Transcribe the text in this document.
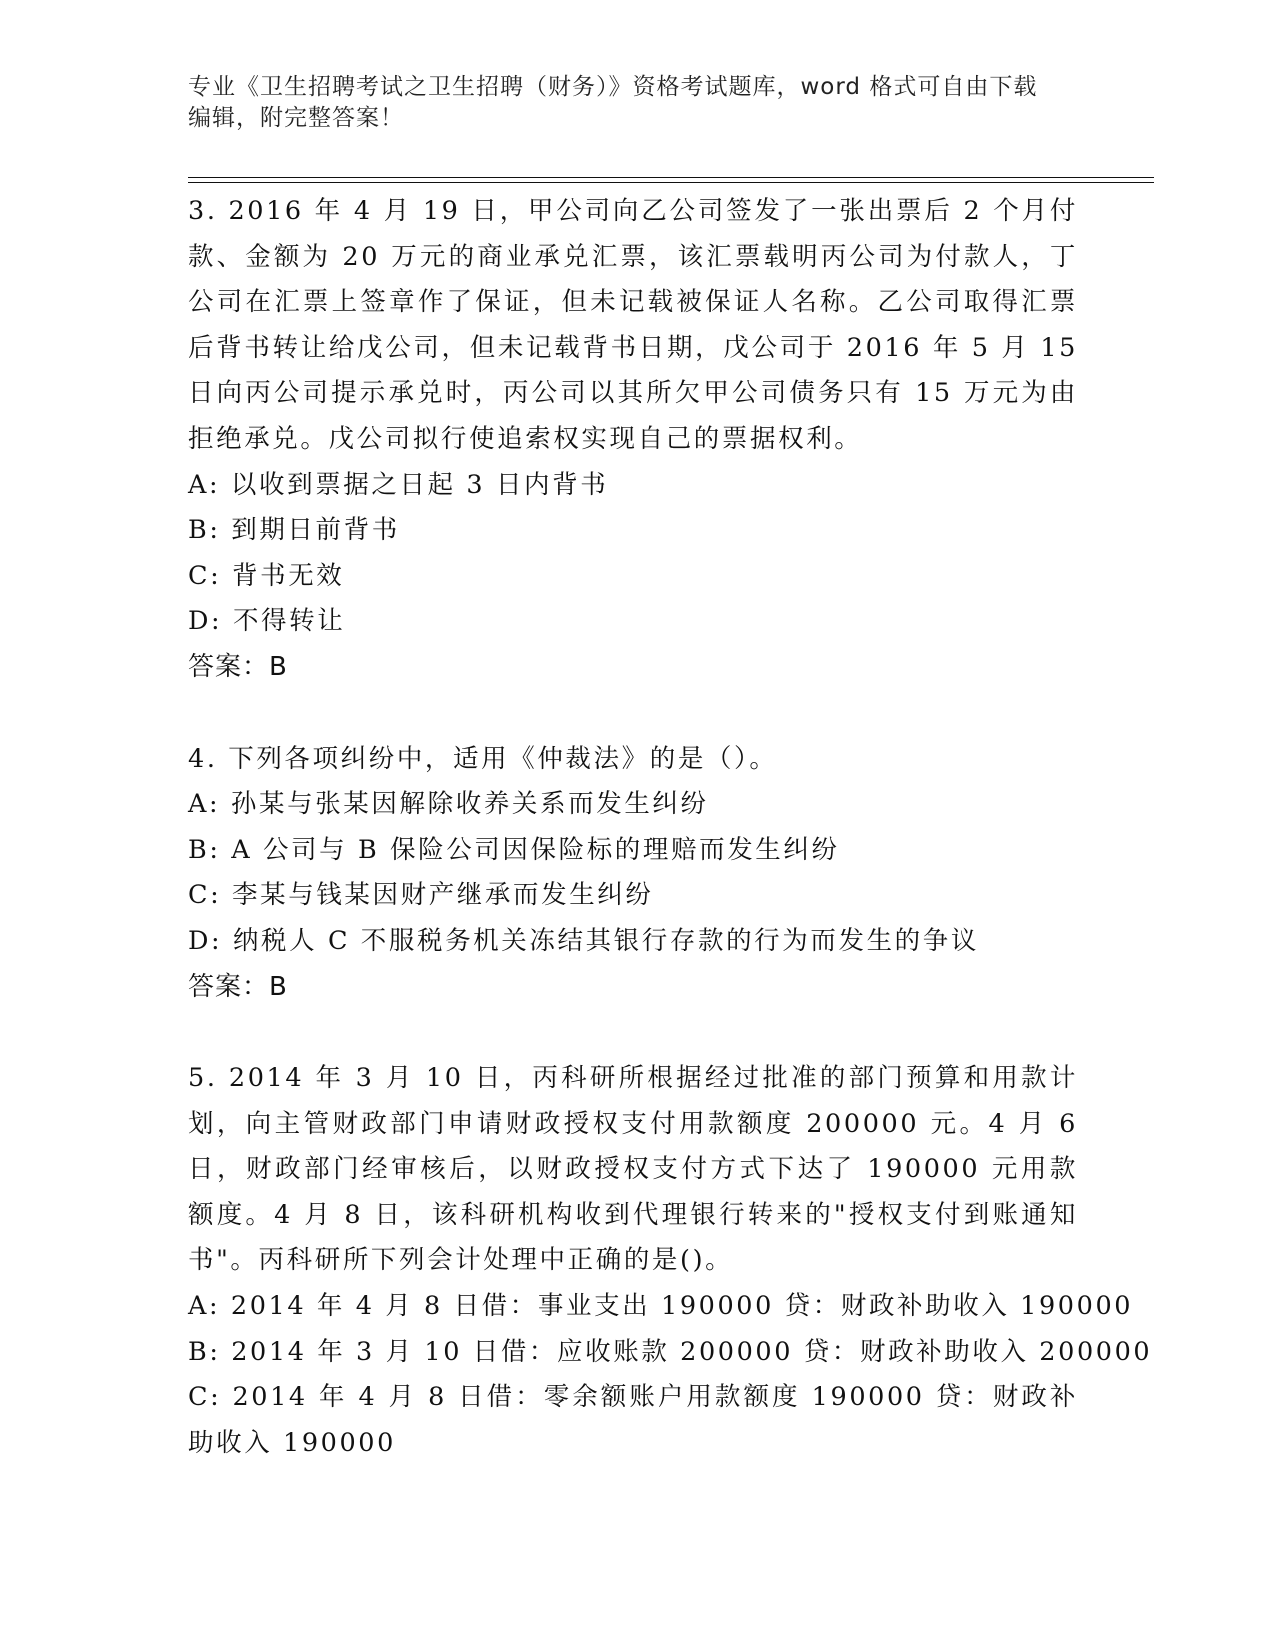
专业《卫生招聘考试之卫生招聘（财务）》资格考试题库，word 格式可自由下载
编辑，附完整答案！
3. 2016 年 4 月 19 日，甲公司向乙公司签发了一张出票后 2 个月付款、金额为 20 万元的商业承兑汇票，该汇票载明丙公司为付款人，丁公司在汇票上签章作了保证，但未记载被保证人名称。乙公司取得汇票后背书转让给戊公司，但未记载背书日期，戊公司于 2016 年 5 月 15 日向丙公司提示承兑时，丙公司以其所欠甲公司债务只有 15 万元为由拒绝承兑。戊公司拟行使追索权实现自己的票据权利。
A: 以收到票据之日起 3 日内背书
B: 到期日前背书
C: 背书无效
D: 不得转让
答案：B
4. 下列各项纠纷中，适用《仲裁法》的是（）。
A: 孙某与张某因解除收养关系而发生纠纷
B: A 公司与 B 保险公司因保险标的理赔而发生纠纷
C: 李某与钱某因财产继承而发生纠纷
D: 纳税人 C 不服税务机关冻结其银行存款的行为而发生的争议
答案：B
5. 2014 年 3 月 10 日，丙科研所根据经过批准的部门预算和用款计划，向主管财政部门申请财政授权支付用款额度 200000 元。4 月 6 日，财政部门经审核后，以财政授权支付方式下达了 190000 元用款额度。4 月 8 日，该科研机构收到代理银行转来的"授权支付到账通知书"。丙科研所下列会计处理中正确的是()。
A: 2014 年 4 月 8 日借：事业支出 190000 贷：财政补助收入 190000
B: 2014 年 3 月 10 日借：应收账款 200000 贷：财政补助收入 200000
C: 2014 年 4 月 8 日借：零余额账户用款额度 190000 贷：财政补助收入 190000
